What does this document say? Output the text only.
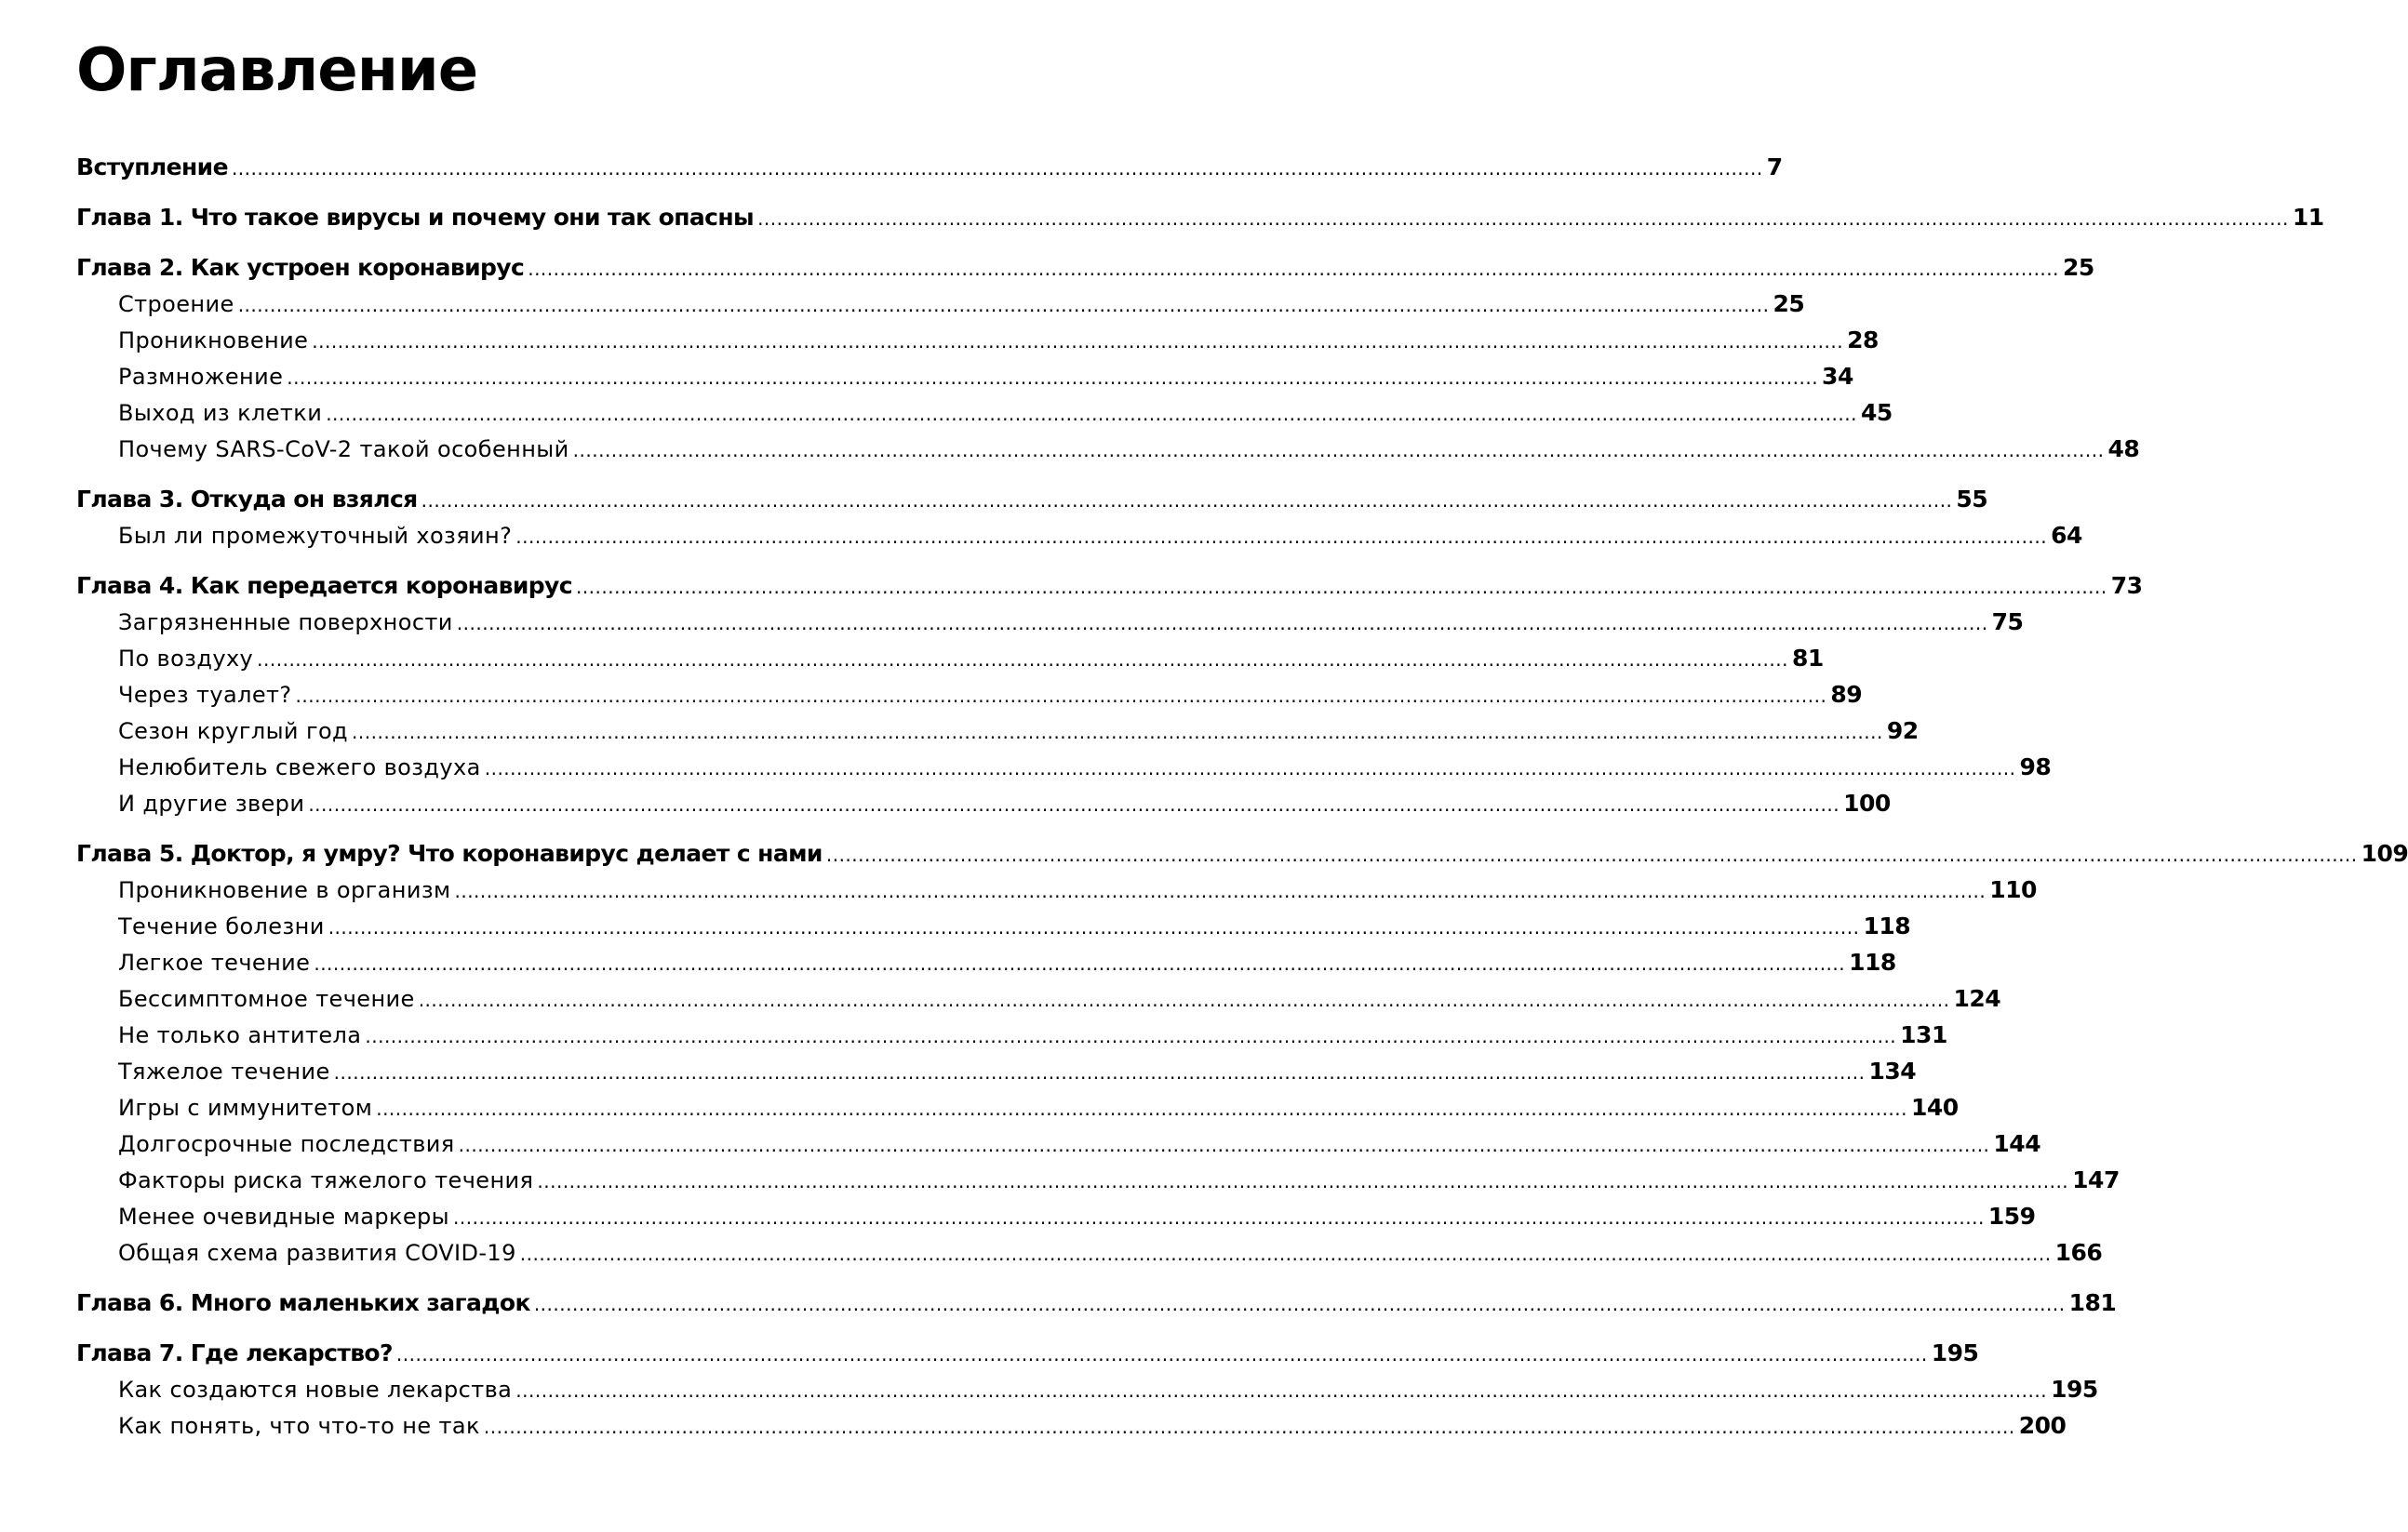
Оглавление
Вступление .....	7
Глава 1. Что такое вирусы и почему они так опасны .....	11
Глава 2. Как устроен коронавирус .....	25
Строение .....	25
Проникновение .....	28
Размножение .....	34
Выход из клетки .....	45
Почему SARS-CoV-2 такой особенный .....	48
Глава 3. Откуда он взялся .....	55
Был ли промежуточный хозяин? .....	64
Глава 4. Как передается коронавирус .....	73
Загрязненные поверхности .....	75
По воздуху .....	81
Через туалет? .....	89
Сезон круглый год .....	92
Нелюбитель свежего воздуха .....	98
И другие звери .....	100
Глава 5. Доктор, я умру? Что коронавирус делает с нами .....	109
Проникновение в организм .....	110
Течение болезни .....	118
Легкое течение .....	118
Бессимптомное течение .....	124
Не только антитела .....	131
Тяжелое течение .....	134
Игры с иммунитетом .....	140
Долгосрочные последствия .....	144
Факторы риска тяжелого течения .....	147
Менее очевидные маркеры .....	159
Общая схема развития COVID-19 .....	166
Глава 6. Много маленьких загадок .....	181
Глава 7. Где лекарство? .....	195
Как создаются новые лекарства .....	195
Как понять, что что-то не так .....	200
